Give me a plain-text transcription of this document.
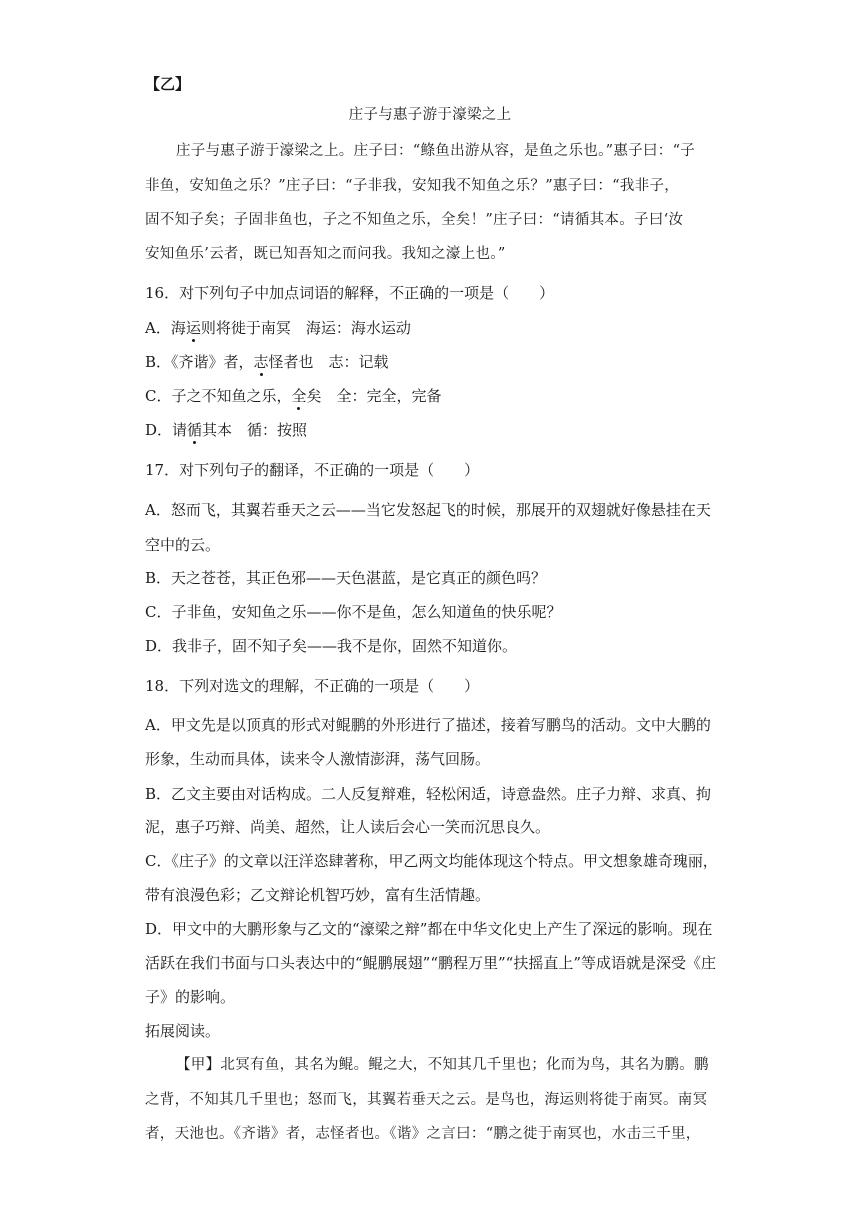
【乙】
庄子与惠子游于濠梁之上
庄子与惠子游于濠梁之上。庄子曰：“鲦鱼出游从容，是鱼之乐也。”惠子曰：“子
非鱼，安知鱼之乐？”庄子曰：“子非我，安知我不知鱼之乐？”惠子曰：“我非子，
固不知子矣；子固非鱼也，子之不知鱼之乐，全矣！”庄子曰：“请循其本。子曰‘汝
安知鱼乐’云者，既已知吾知之而问我。我知之濠上也。”
16．对下列句子中加点词语的解释，不正确的一项是（　　）
A．海运则将徙于南冥　海运：海水运动
B．《齐谐》者，志怪者也　志：记载
C．子之不知鱼之乐，全矣　全：完全，完备
D．请循其本　循：按照
17．对下列句子的翻译，不正确的一项是（　　）
A．怒而飞，其翼若垂天之云——当它发怒起飞的时候，那展开的双翅就好像悬挂在天
空中的云。
B．天之苍苍，其正色邪——天色湛蓝，是它真正的颜色吗？
C．子非鱼，安知鱼之乐——你不是鱼，怎么知道鱼的快乐呢？
D．我非子，固不知子矣——我不是你，固然不知道你。
18．下列对选文的理解，不正确的一项是（　　）
A．甲文先是以顶真的形式对鲲鹏的外形进行了描述，接着写鹏鸟的活动。文中大鹏的
形象，生动而具体，读来令人激情澎湃，荡气回肠。
B．乙文主要由对话构成。二人反复辩难，轻松闲适，诗意盎然。庄子力辩、求真、拘
泥，惠子巧辩、尚美、超然，让人读后会心一笑而沉思良久。
C．《庄子》的文章以汪洋恣肆著称，甲乙两文均能体现这个特点。甲文想象雄奇瑰丽，
带有浪漫色彩；乙文辩论机智巧妙，富有生活情趣。
D．甲文中的大鹏形象与乙文的“濠梁之辩”都在中华文化史上产生了深远的影响。现在
活跃在我们书面与口头表达中的“鲲鹏展翅”“鹏程万里”“扶摇直上”等成语就是深受《庄
子》的影响。
拓展阅读。
【甲】北冥有鱼，其名为鲲。鲲之大，不知其几千里也；化而为鸟，其名为鹏。鹏
之背，不知其几千里也；怒而飞，其翼若垂天之云。是鸟也，海运则将徙于南冥。南冥
者，天池也。《齐谐》者，志怪者也。《谐》之言曰：“鹏之徙于南冥也，水击三千里，
